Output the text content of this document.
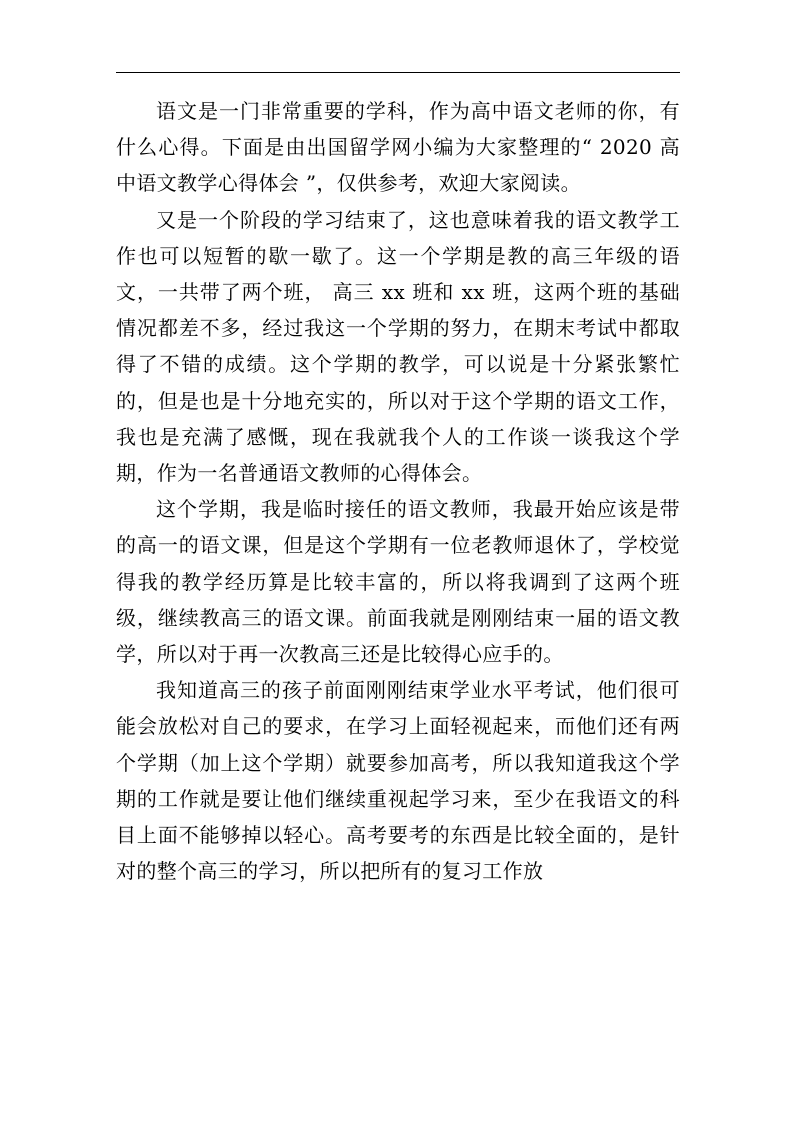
语文是一门非常重要的学科，作为高中语文老师的你，有什么心得。下面是由出国留学网小编为大家整理的“ 2020 高中语文教学心得体会 ”，仅供参考，欢迎大家阅读。

又是一个阶段的学习结束了，这也意味着我的语文教学工作也可以短暂的歇一歇了。这一个学期是教的高三年级的语文，一共带了两个班， 高三 xx 班和 xx 班，这两个班的基础情况都差不多，经过我这一个学期的努力，在期末考试中都取得了不错的成绩。这个学期的教学，可以说是十分紧张繁忙的，但是也是十分地充实的，所以对于这个学期的语文工作，我也是充满了感慨，现在我就我个人的工作谈一谈我这个学期，作为一名普通语文教师的心得体会。

这个学期，我是临时接任的语文教师，我最开始应该是带的高一的语文课，但是这个学期有一位老教师退休了，学校觉得我的教学经历算是比较丰富的，所以将我调到了这两个班级，继续教高三的语文课。前面我就是刚刚结束一届的语文教学，所以对于再一次教高三还是比较得心应手的。

我知道高三的孩子前面刚刚结束学业水平考试，他们很可能会放松对自己的要求，在学习上面轻视起来，而他们还有两个学期（加上这个学期）就要参加高考，所以我知道我这个学期的工作就是要让他们继续重视起学习来，至少在我语文的科目上面不能够掉以轻心。高考要考的东西是比较全面的，是针对的整个高三的学习，所以把所有的复习工作放
